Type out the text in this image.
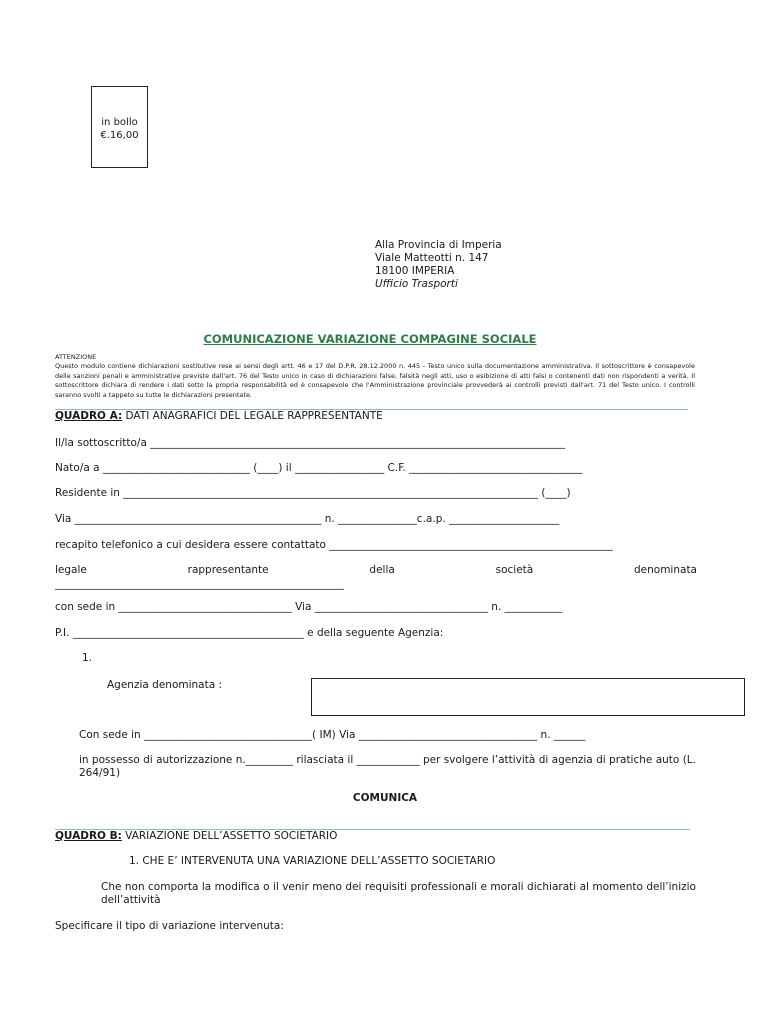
in bollo
€.16,00
Alla Provincia di Imperia
Viale Matteotti n. 147
18100 IMPERIA
Ufficio Trasporti
COMUNICAZIONE VARIAZIONE COMPAGINE SOCIALE
ATTENZIONE
Questo modulo contiene dichiarazioni sostitutive rese ai sensi degli artt. 46 e 17 del D.P.R. 28.12.2000 n. 445 - Testo unico sulla documentazione amministrativa. Il sottoscrittore è consapevole delle sanzioni penali e amministrative previste dall'art. 76 del Testo unico in caso di dichiarazioni false, falsità negli atti, uso o esibizione di atti falsi o contenenti dati non rispondenti a verità. Il sottoscrittore dichiara di rendere i dati sotto la propria responsabilità ed è consapevole che l'Amministrazione provinciale provvederà ai controlli previsti dall'art. 71 del Testo unico. I controlli saranno svolti a tappeto su tutte le dichiarazioni presentate.
QUADRO A: DATI ANAGRAFICI DEL LEGALE RAPPRESENTANTE
Il/la sottoscritto/a _______________________________________________________________________________
Nato/a a ____________________________ (____) il _________________ C.F. _________________________________
Residente in _______________________________________________________________________________ (____)
Via _______________________________________________ n. _______________c.a.p. _____________________
recapito telefonico a cui desidera essere contattato ______________________________________________________
legale	rappresentante	della	società	denominata
_______________________________________________________
con sede in _________________________________ Via _________________________________ n. ___________
P.I. ____________________________________________ e della seguente Agenzia:
1.
Agenzia denominata :
Con sede in ________________________________( IM) Via __________________________________ n. ______
in possesso di autorizzazione n._________ rilasciata il ____________ per svolgere l’attività di agenzia di pratiche auto (L. 264/91)
COMUNICA
QUADRO B: VARIAZIONE DELL’ASSETTO SOCIETARIO
1. CHE E’ INTERVENUTA UNA VARIAZIONE DELL’ASSETTO SOCIETARIO
Che non comporta la modifica o il venir meno dei requisiti professionali e morali dichiarati al momento dell’inizio dell’attività
Specificare il tipo di variazione intervenuta:
